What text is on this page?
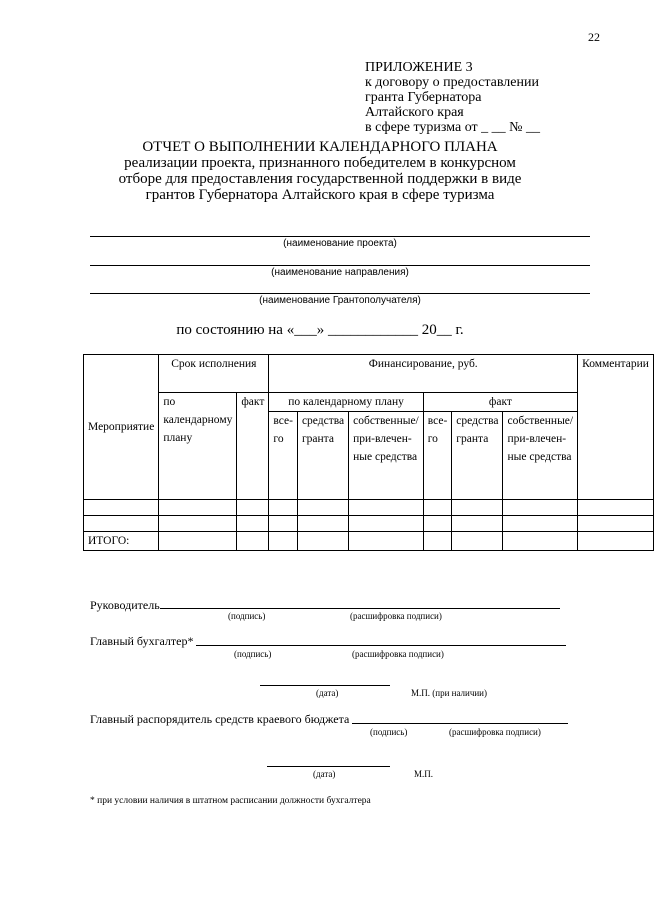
22
ПРИЛОЖЕНИЕ 3
к договору о предоставлении
гранта Губернатора
Алтайского края
в сфере туризма от _ __ № __
ОТЧЕТ О ВЫПОЛНЕНИИ КАЛЕНДАРНОГО ПЛАНА
реализации проекта, признанного победителем в конкурсном
отборе для предоставления государственной поддержки в виде
грантов Губернатора Алтайского края в сфере туризма
(наименование проекта)
(наименование направления)
(наименование Грантополучателя)
по состоянию на «___» ____________ 20__ г.
Мероприятие	Срок исполнения		Финансирование, руб.						Комментарии
	по календарному плану	факт	по календарному плану			факт			
			все-го	средства гранта	собственные/при-влечен-ные средства	все-го	средства гранта	собственные/при-влечен-ные средства	

ИТОГО:									
Руководитель
(подпись)	(расшифровка подписи)
Главный бухгалтер*
(подпись)	(расшифровка подписи)
(дата)	М.П. (при наличии)
Главный распорядитель средств краевого бюджета
(подпись)	(расшифровка подписи)
(дата)	М.П.
* при условии наличия в штатном расписании должности бухгалтера
